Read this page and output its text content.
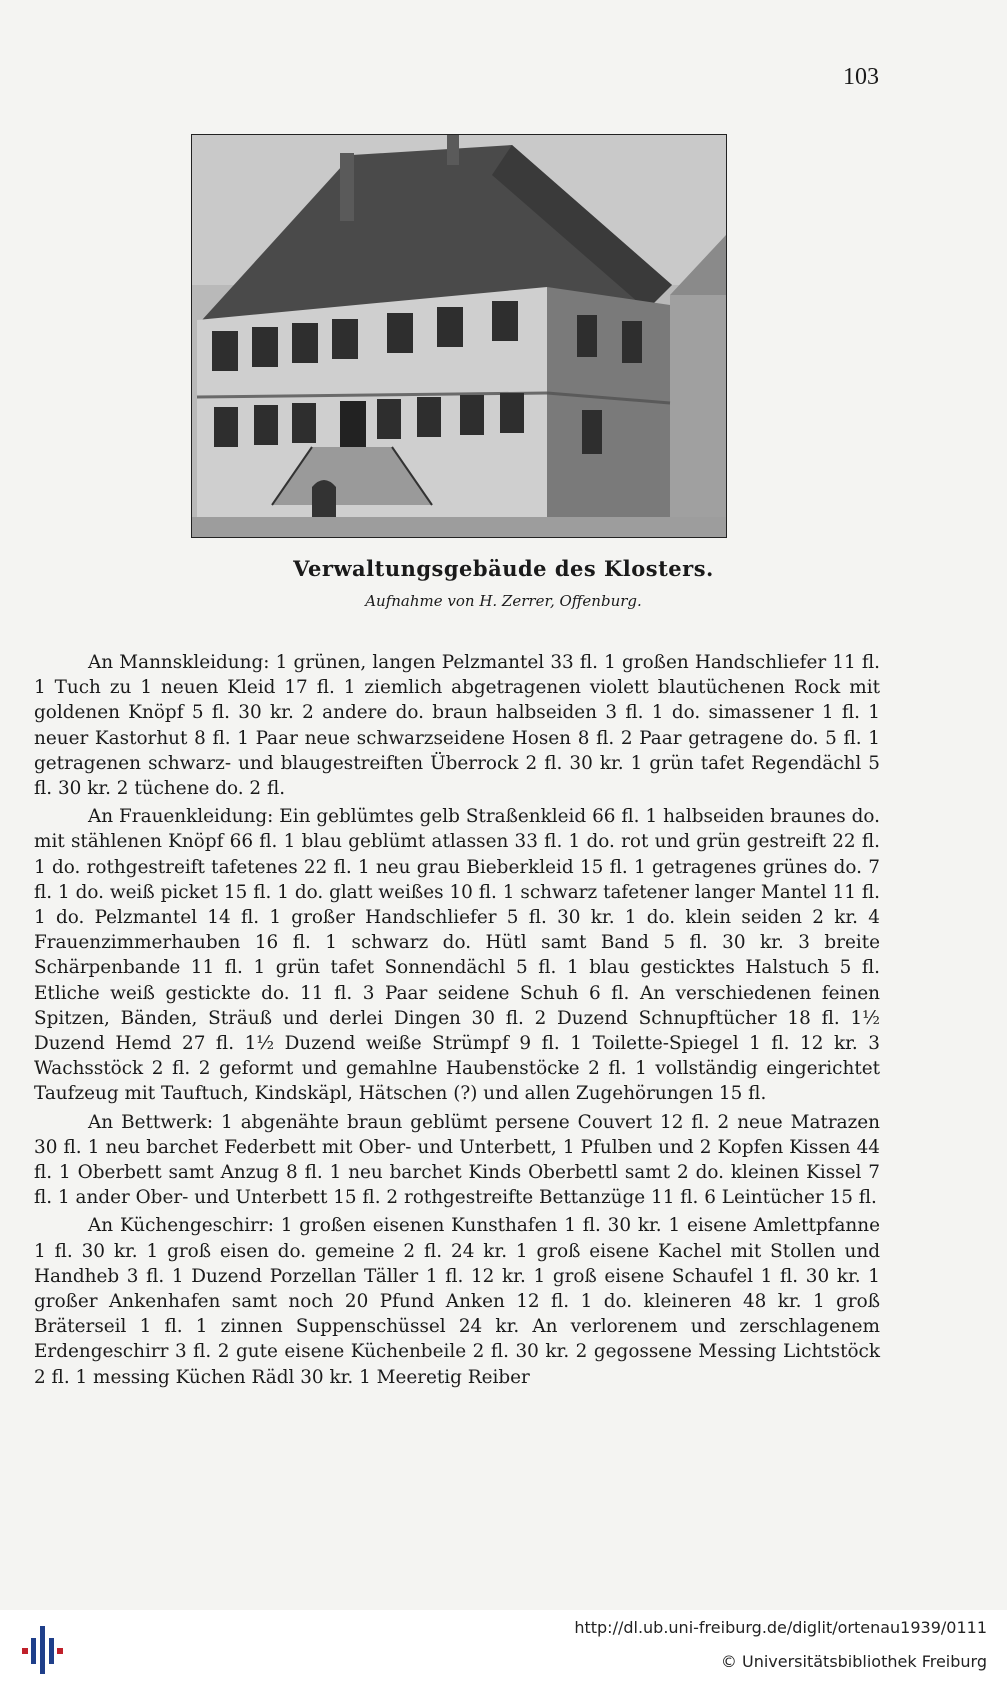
103
Verwaltungsgebäude des Klosters.
Aufnahme von H. Zerrer, Offenburg.

An Mannskleidung: 1 grünen, langen Pelzmantel 33 fl. 1 großen Handschliefer 11 fl. 1 Tuch zu 1 neuen Kleid 17 fl. 1 ziemlich abgetragenen violett blautüchenen Rock mit goldenen Knöpf 5 fl. 30 kr. 2 andere do. braun halbseiden 3 fl. 1 do. simassener 1 fl. 1 neuer Kastorhut 8 fl. 1 Paar neue schwarzseidene Hosen 8 fl. 2 Paar getragene do. 5 fl. 1 getragenen schwarz- und blaugestreiften Überrock 2 fl. 30 kr. 1 grün tafet Regendächl 5 fl. 30 kr. 2 tüchene do. 2 fl.

An Frauenkleidung: Ein geblümtes gelb Straßenkleid 66 fl. 1 halbseiden braunes do. mit stählenen Knöpf 66 fl. 1 blau geblümt atlassen 33 fl. 1 do. rot und grün gestreift 22 fl. 1 do. rothgestreift tafetenes 22 fl. 1 neu grau Bieberkleid 15 fl. 1 getragenes grünes do. 7 fl. 1 do. weiß picket 15 fl. 1 do. glatt weißes 10 fl. 1 schwarz tafetener langer Mantel 11 fl. 1 do. Pelzmantel 14 fl. 1 großer Handschliefer 5 fl. 30 kr. 1 do. klein seiden 2 kr. 4 Frauenzimmerhauben 16 fl. 1 schwarz do. Hütl samt Band 5 fl. 30 kr. 3 breite Schärpenbande 11 fl. 1 grün tafet Sonnendächl 5 fl. 1 blau gesticktes Halstuch 5 fl. Etliche weiß gestickte do. 11 fl. 3 Paar seidene Schuh 6 fl. An verschiedenen feinen Spitzen, Bänden, Sträuß und derlei Dingen 30 fl. 2 Duzend Schnupftücher 18 fl. 1½ Duzend Hemd 27 fl. 1½ Duzend weiße Strümpf 9 fl. 1 Toilette-Spiegel 1 fl. 12 kr. 3 Wachsstöck 2 fl. 2 geformt und gemahlne Haubenstöcke 2 fl. 1 vollständig eingerichtet Taufzeug mit Tauftuch, Kindskäpl, Hätschen (?) und allen Zugehörungen 15 fl.

An Bettwerk: 1 abgenähte braun geblümt persene Couvert 12 fl. 2 neue Matrazen 30 fl. 1 neu barchet Federbett mit Ober- und Unterbett, 1 Pfulben und 2 Kopfen Kissen 44 fl. 1 Oberbett samt Anzug 8 fl. 1 neu barchet Kinds Oberbettl samt 2 do. kleinen Kissel 7 fl. 1 ander Ober- und Unterbett 15 fl. 2 rothgestreifte Bettanzüge 11 fl. 6 Leintücher 15 fl.

An Küchengeschirr: 1 großen eisenen Kunsthafen 1 fl. 30 kr. 1 eisene Amlettpfanne 1 fl. 30 kr. 1 groß eisen do. gemeine 2 fl. 24 kr. 1 groß eisene Kachel mit Stollen und Handheb 3 fl. 1 Duzend Porzellan Täller 1 fl. 12 kr. 1 groß eisene Schaufel 1 fl. 30 kr. 1 großer Ankenhafen samt noch 20 Pfund Anken 12 fl. 1 do. kleineren 48 kr. 1 groß Bräterseil 1 fl. 1 zinnen Suppenschüssel 24 kr. An verlorenem und zerschlagenem Erdengeschirr 3 fl. 2 gute eisene Küchenbeile 2 fl. 30 kr. 2 gegossene Messing Lichtstöck 2 fl. 1 messing Küchen Rädl 30 kr. 1 Meeretig Reiber

http://dl.ub.uni-freiburg.de/diglit/ortenau1939/0111
© Universitätsbibliothek Freiburg
